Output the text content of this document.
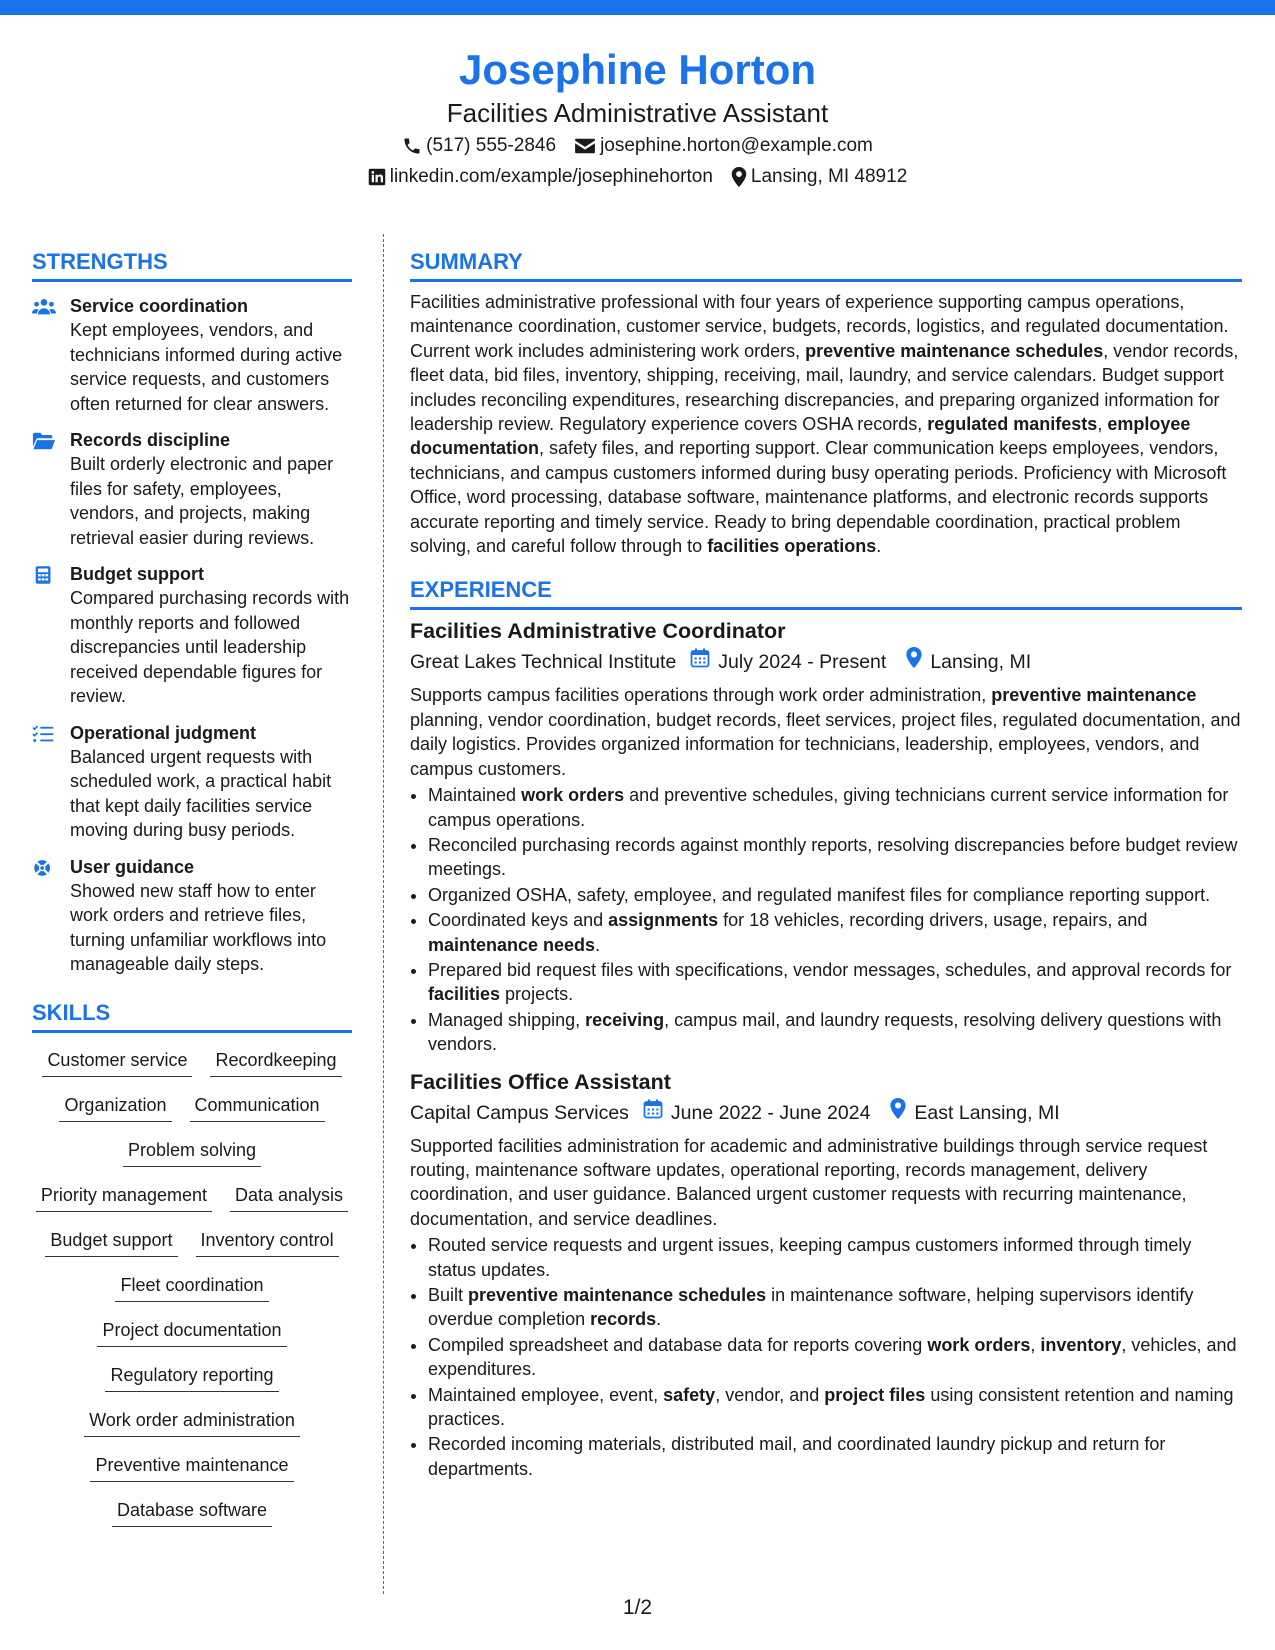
Josephine Horton
Facilities Administrative Assistant
(517) 555-2846 josephine.horton@example.com
linkedin.com/example/josephinehorton Lansing, MI 48912
STRENGTHS
Service coordination
Kept employees, vendors, and technicians informed during active service requests, and customers often returned for clear answers.
Records discipline
Built orderly electronic and paper files for safety, employees, vendors, and projects, making retrieval easier during reviews.
Budget support
Compared purchasing records with monthly reports and followed discrepancies until leadership received dependable figures for review.
Operational judgment
Balanced urgent requests with scheduled work, a practical habit that kept daily facilities service moving during busy periods.
User guidance
Showed new staff how to enter work orders and retrieve files, turning unfamiliar workflows into manageable daily steps.
SKILLS
Customer service Recordkeeping
Organization Communication
Problem solving
Priority management Data analysis
Budget support Inventory control
Fleet coordination
Project documentation
Regulatory reporting
Work order administration
Preventive maintenance
Database software
SUMMARY
Facilities administrative professional with four years of experience supporting campus operations, maintenance coordination, customer service, budgets, records, logistics, and regulated documentation. Current work includes administering work orders, preventive maintenance schedules, vendor records, fleet data, bid files, inventory, shipping, receiving, mail, laundry, and service calendars. Budget support includes reconciling expenditures, researching discrepancies, and preparing organized information for leadership review. Regulatory experience covers OSHA records, regulated manifests, employee documentation, safety files, and reporting support. Clear communication keeps employees, vendors, technicians, and campus customers informed during busy operating periods. Proficiency with Microsoft Office, word processing, database software, maintenance platforms, and electronic records supports accurate reporting and timely service. Ready to bring dependable coordination, practical problem solving, and careful follow through to facilities operations.
EXPERIENCE
Facilities Administrative Coordinator
Great Lakes Technical Institute July 2024 - Present Lansing, MI
Supports campus facilities operations through work order administration, preventive maintenance planning, vendor coordination, budget records, fleet services, project files, regulated documentation, and daily logistics. Provides organized information for technicians, leadership, employees, vendors, and campus customers.
• Maintained work orders and preventive schedules, giving technicians current service information for campus operations.
• Reconciled purchasing records against monthly reports, resolving discrepancies before budget review meetings.
• Organized OSHA, safety, employee, and regulated manifest files for compliance reporting support.
• Coordinated keys and assignments for 18 vehicles, recording drivers, usage, repairs, and maintenance needs.
• Prepared bid request files with specifications, vendor messages, schedules, and approval records for facilities projects.
• Managed shipping, receiving, campus mail, and laundry requests, resolving delivery questions with vendors.
Facilities Office Assistant
Capital Campus Services June 2022 - June 2024 East Lansing, MI
Supported facilities administration for academic and administrative buildings through service request routing, maintenance software updates, operational reporting, records management, delivery coordination, and user guidance. Balanced urgent customer requests with recurring maintenance, documentation, and service deadlines.
• Routed service requests and urgent issues, keeping campus customers informed through timely status updates.
• Built preventive maintenance schedules in maintenance software, helping supervisors identify overdue completion records.
• Compiled spreadsheet and database data for reports covering work orders, inventory, vehicles, and expenditures.
• Maintained employee, event, safety, vendor, and project files using consistent retention and naming practices.
• Recorded incoming materials, distributed mail, and coordinated laundry pickup and return for departments.
1/2
